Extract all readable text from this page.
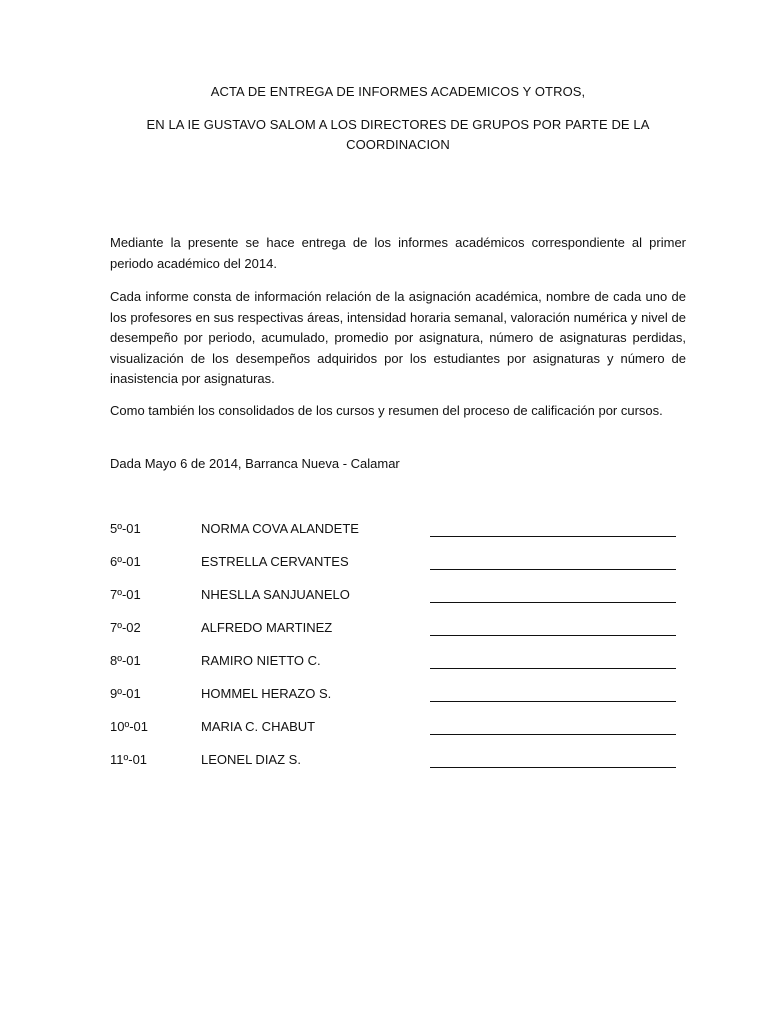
ACTA DE ENTREGA DE INFORMES ACADEMICOS Y OTROS,
EN LA IE GUSTAVO SALOM A LOS DIRECTORES DE GRUPOS POR PARTE DE LA COORDINACION

Mediante la presente se hace entrega de los informes académicos correspondiente al primer periodo académico del 2014.

Cada informe consta de información relación de la asignación académica, nombre de cada uno de los profesores en sus respectivas áreas, intensidad horaria semanal, valoración numérica y nivel de desempeño por periodo, acumulado, promedio por asignatura, número de asignaturas perdidas, visualización de los desempeños adquiridos por los estudiantes por asignaturas y número de inasistencia por asignaturas.

Como también los consolidados de los cursos y resumen del proceso de calificación por cursos.

Dada Mayo 6 de 2014, Barranca Nueva - Calamar

5º-01	NORMA COVA ALANDETE
6º-01	ESTRELLA CERVANTES
7º-01	NHESLLA SANJUANELO
7º-02	ALFREDO MARTINEZ
8º-01	RAMIRO NIETTO C.
9º-01	HOMMEL HERAZO S.
10º-01	MARIA C. CHABUT
11º-01	LEONEL DIAZ S.
